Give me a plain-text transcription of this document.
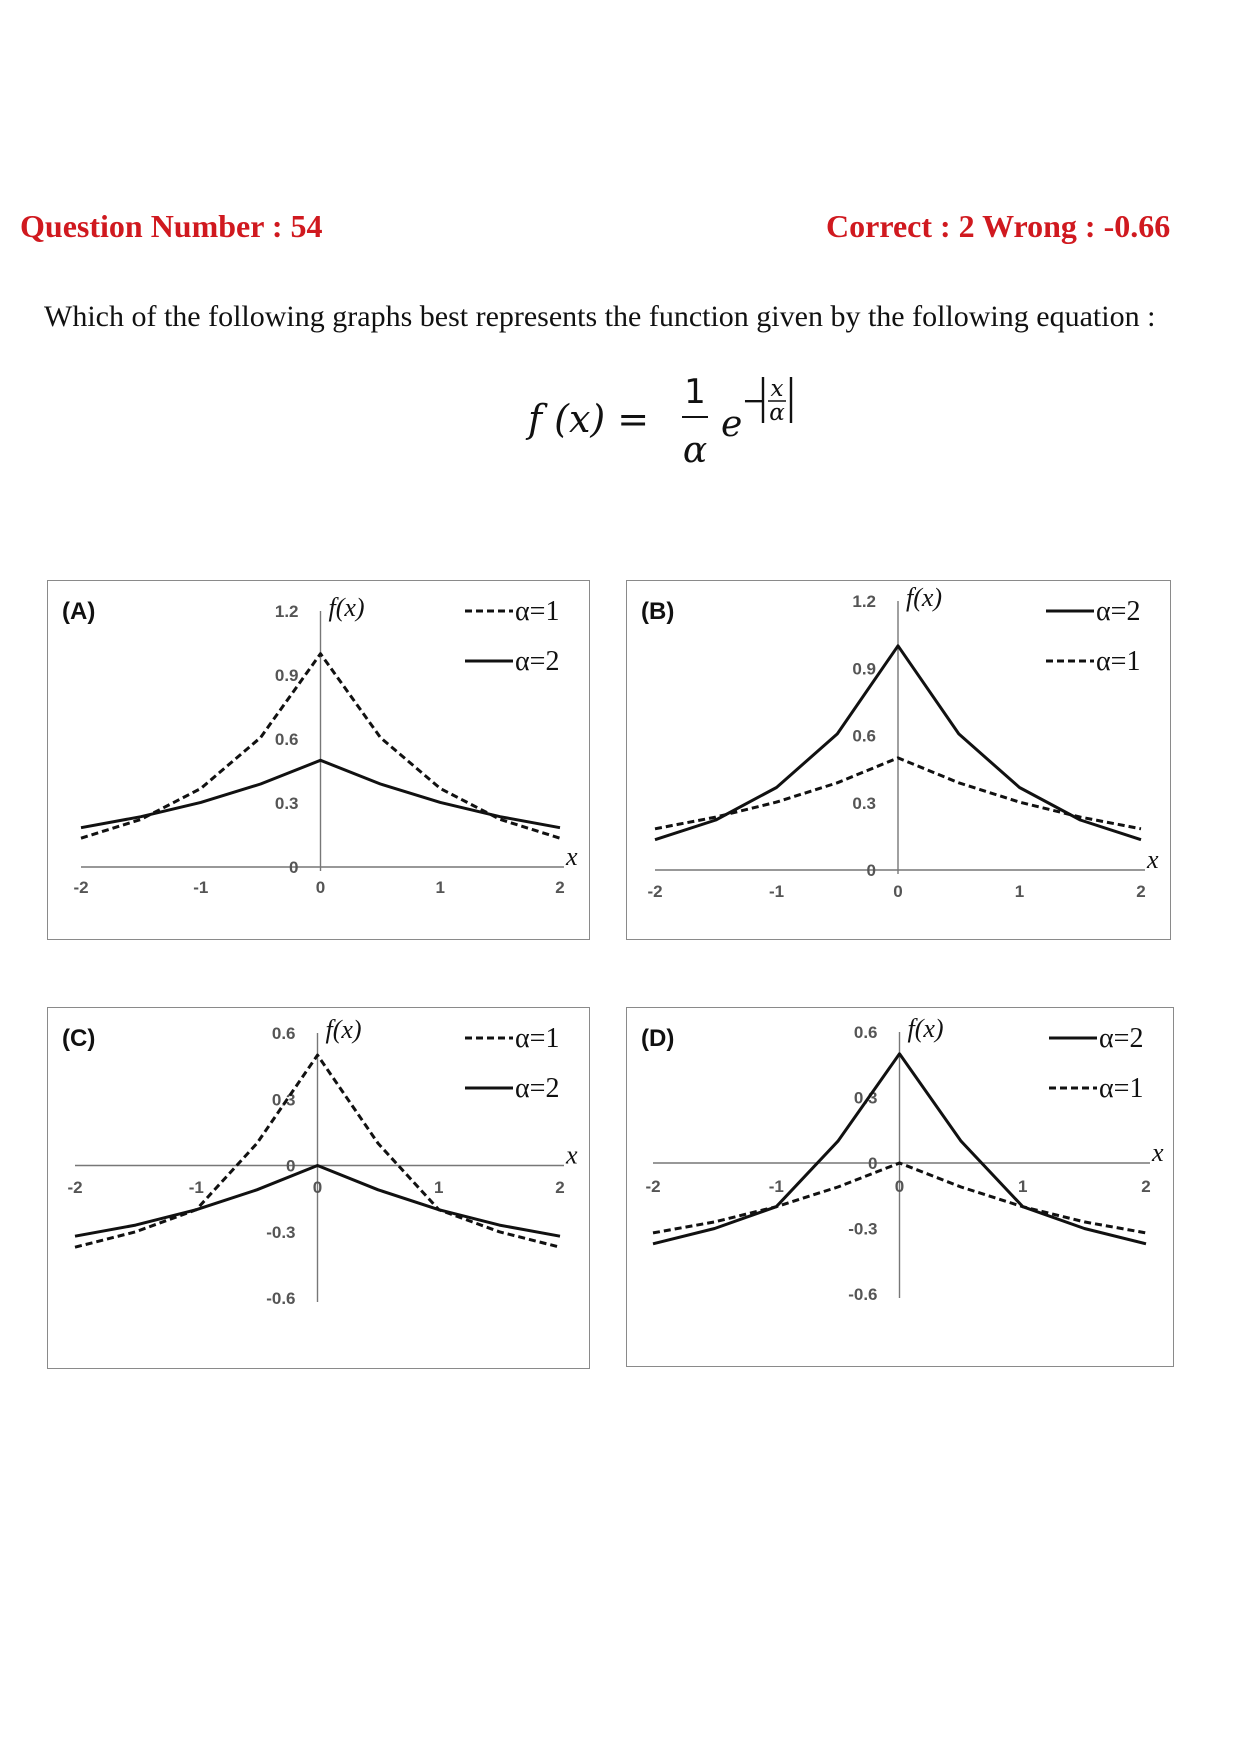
Question Number : 54	Correct : 2 Wrong : -0.66
Which of the following graphs best represents the function given by the following equation :
f (x) =
1
α
e
− x
α
(A)
-2	-1	0	1	2
0
0.3
0.6
0.9
1.2 f(x)
x
α=1
α=2
(B)
-2	-1	0	1	2
0
0.3
0.6
0.9
1.2 f(x)
x
α=2
α=1
(C)
-2	-1	0	1	2
-0.6
-0.3
0
0.3
0.6 f(x)
x
α=1
α=2
(D)
-2	-1	0	1	2
-0.6
-0.3
0
0.3
0.6 f(x)
x
α=2
α=1
